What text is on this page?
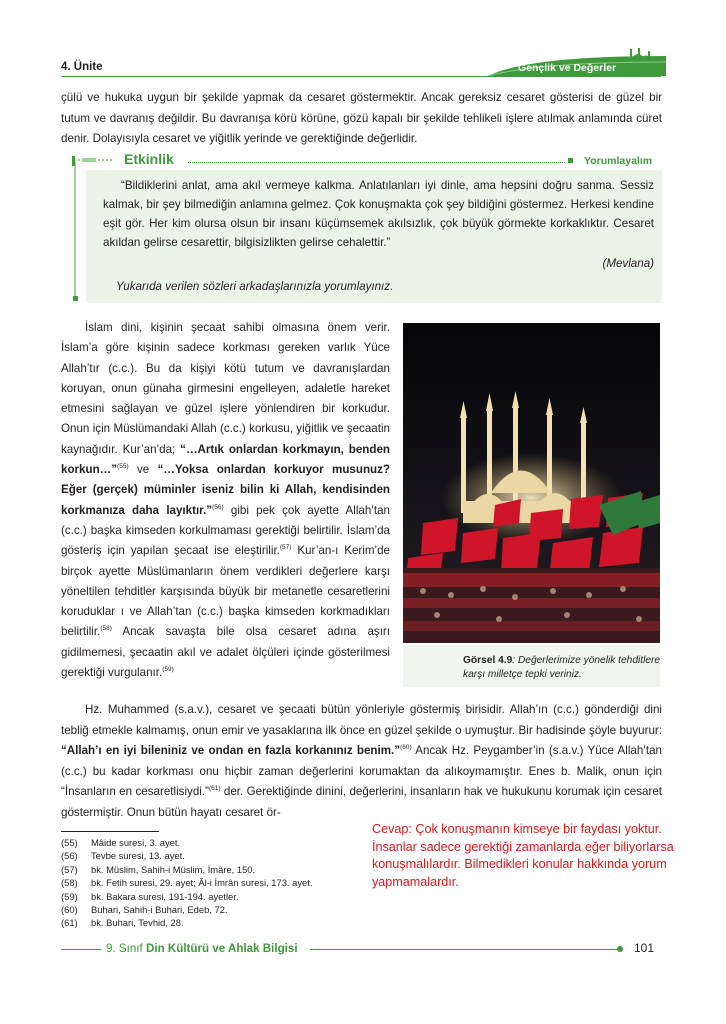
4. Ünite	Gençlik ve Değerler
çülü ve hukuka uygun bir şekilde yapmak da cesaret göstermektir. Ancak gereksiz cesaret gösterisi de güzel bir tutum ve davranış değildir. Bu davranışa körü körüne, gözü kapalı bir şekilde tehlikeli işlere atılmak anlamında cüret denir. Dolayısıyla cesaret ve yiğitlik yerinde ve gerektiğinde değerlidir.
Etkinlik	Yorumlayalım
“Bildiklerini anlat, ama akıl vermeye kalkma. Anlatılanları iyi dinle, ama hepsini doğru sanma. Sessiz kalmak, bir şey bilmediğin anlamına gelmez. Çok konuşmakta çok şey bildiğini göstermez. Herkesi kendine eşit gör. Her kim olursa olsun bir insanı küçümsemek akılsızlık, çok büyük görmekte korkaklıktır. Cesaret akıldan gelirse cesarettir, bilgisizlikten gelirse cehalettir.”
(Mevlana)
Yukarıda verilen sözleri arkadaşlarınızla yorumlayınız.
İslam dini, kişinin şecaat sahibi olmasına önem verir. İslam’a göre kişinin sadece korkması gereken varlık Yüce Allah’tır (c.c.). Bu da kişiyi kötü tutum ve davranışlardan koruyan, onun günaha girmesini engelleyen, adaletle hareket etmesini sağlayan ve güzel işlere yönlendiren bir korkudur. Onun için Müslümandaki Allah (c.c.) korkusu, yiğitlik ve şecaatin kaynağıdır. Kur’an’da; “…Artık onlardan korkmayın, benden korkun…”$^{(55)}$ ve “…Yoksa onlardan korkuyor musunuz? Eğer (gerçek) müminler iseniz bilin ki Allah, kendisinden korkmanıza daha layıktır.”$^{(56)}$ gibi pek çok ayette Allah’tan (c.c.) başka kimseden korkulmaması gerektiği belirtilir. İslam’da gösteriş için yapılan şecaat ise eleştirilir.$^{(57)}$ Kur’an-ı Kerim’de birçok ayette Müslümanların önem verdikleri değerlere karşı yöneltilen tehditler karşısında büyük bir metanetle cesaretlerini koruduklar ı ve Allah’tan (c.c.) başka kimseden korkmadıkları belirtilir.$^{(58)}$ Ancak savaşta bile olsa cesaret adına aşırı gidilmemesi, şecaatin akıl ve adalet ölçüleri içinde gösterilmesi gerektiği vurgulanır.$^{(59)}$
Görsel 4.9: Değerlerimize yönelik tehditlere karşı milletçe tepki veriniz.
Hz. Muhammed (s.a.v.), cesaret ve şecaati bütün yönleriyle göstermiş birisidir. Allah’ın (c.c.) gönderdiği dini tebliğ etmekle kalmamış, onun emir ve yasaklarına ilk önce en güzel şekilde o uymuştur. Bir hadisinde şöyle buyurur: “Allah’ı en iyi bileniniz ve ondan en fazla korkanınız benim.”$^{(60)}$ Ancak Hz. Peygamber’in (s.a.v.) Yüce Allah’tan (c.c.) bu kadar korkması onu hiçbir zaman değerlerini korumaktan da alıkoymamıştır. Enes b. Malik, onun için “İnsanların en cesaretlisiydi.”$^{(61)}$ der. Gerektiğinde dinini, değerlerini, insanların hak ve hukukunu korumak için cesaret göstermiştir. Onun bütün hayatı cesaret ör-
(55)	Mâide suresi, 3. ayet.
(56)	Tevbe suresi, 13. ayet.
(57)	bk. Müslim, Sahih-i Müslim, İmâre, 150.
(58)	bk. Fetih suresi, 29. ayet; Âl-i İmrân suresi, 173. ayet.
(59)	bk. Bakara suresi, 191-194. ayetler.
(60)	Buhari, Sahih-i Buhari, Edeb, 72.
(61)	bk. Buhari, Tevhid, 28.
Cevap: Çok konuşmanın kimseye bir faydası yoktur. İnsanlar sadece gerektiği zamanlarda eğer biliyorlarsa konuşmalılardır. Bilmedikleri konular hakkında yorum yapmamalardır.
9. Sınıf Din Kültürü ve Ahlak Bilgisi	101
